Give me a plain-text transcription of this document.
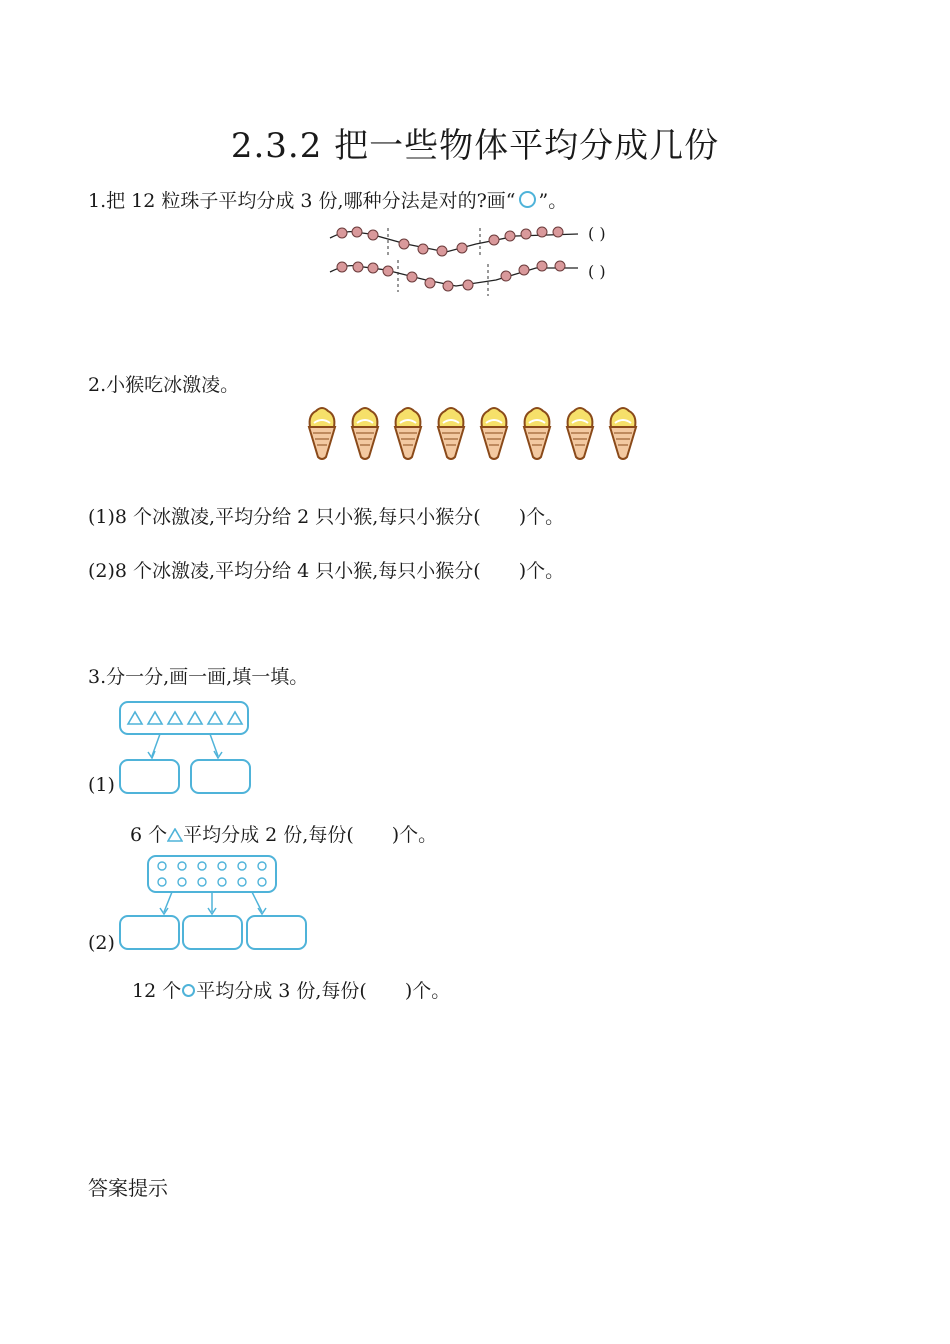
2.3.2 把一些物体平均分成几份
1.把 12 粒珠子平均分成 3 份,哪种分法是对的?画“ ”。
( )
( )
2.小猴吃冰激凌。
(1)8 个冰激凌,平均分给 2 只小猴,每只小猴分(　　)个。
(2)8 个冰激凌,平均分给 4 只小猴,每只小猴分(　　)个。
3.分一分,画一画,填一填。
(1)
6 个 平均分成 2 份,每份(　　)个。
(2)
12 个 平均分成 3 份,每份(　　)个。
答案提示
